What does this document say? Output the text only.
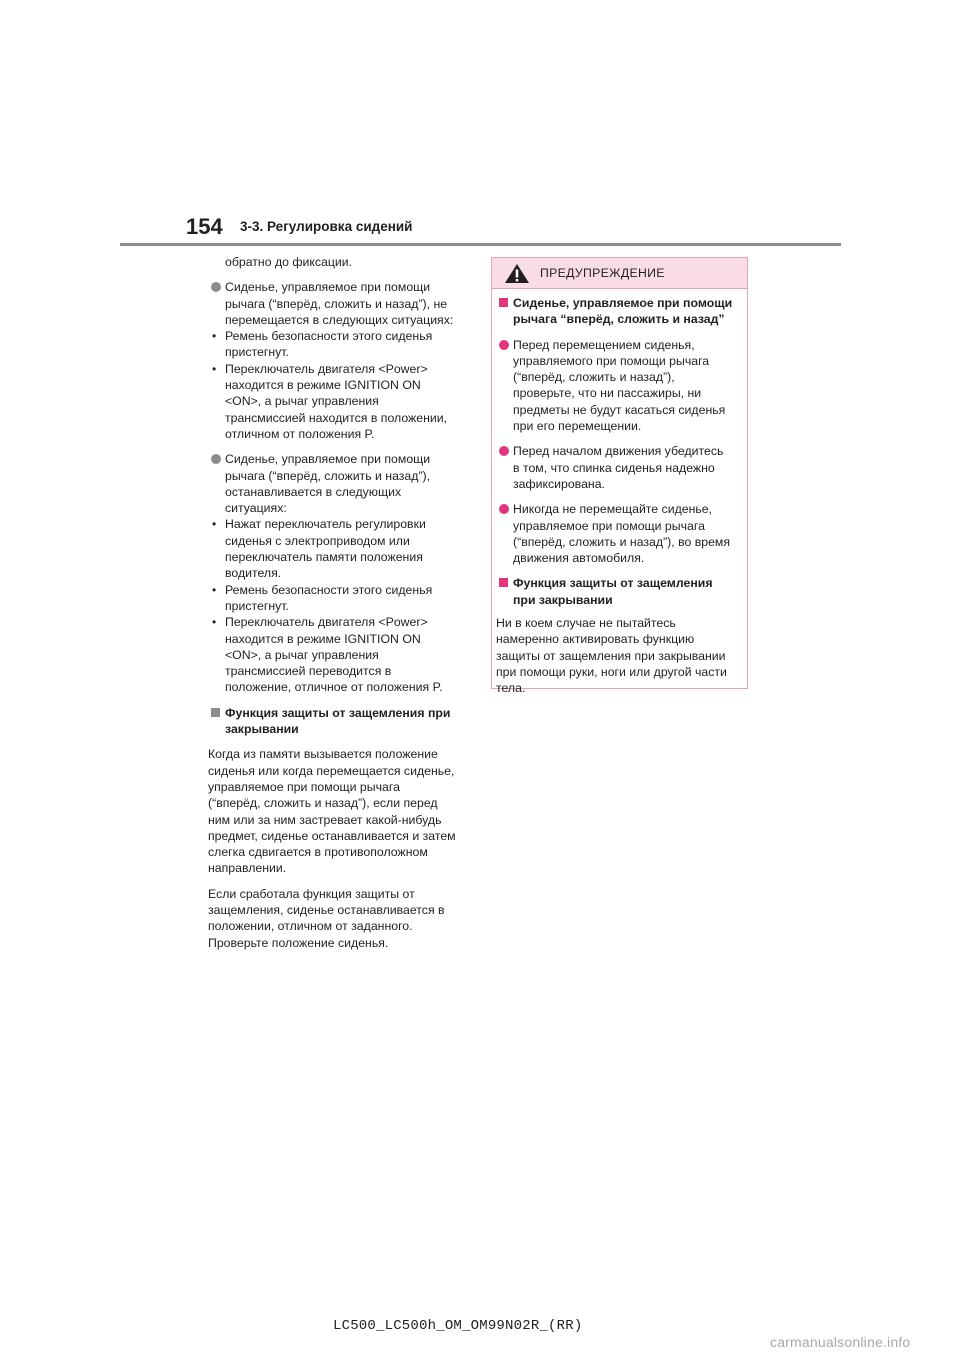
154 3-3. Регулировка сидений

обратно до фиксации.

Сиденье, управляемое при помощи

рычага (“вперёд, сложить и назад”), не

перемещается в следующих ситуациях:

• Ремень безопасности этого сиденья

пристегнут.

• Переключатель двигателя <Power>

находится в режиме IGNITION ON

<ON>, а рычаг управления

трансмиссией находится в положении,

отличном от положения P.

Сиденье, управляемое при помощи

рычага (“вперёд, сложить и назад”),

останавливается в следующих

ситуациях:

• Нажат переключатель регулировки

сиденья с электроприводом или

переключатель памяти положения

водителя.

• Ремень безопасности этого сиденья

пристегнут.

• Переключатель двигателя <Power>

находится в режиме IGNITION ON

<ON>, а рычаг управления

трансмиссией переводится в

положение, отличное от положения P.

Функция защиты от защемления при

закрывании

Когда из памяти вызывается положение

сиденья или когда перемещается сиденье,

управляемое при помощи рычага

(“вперёд, сложить и назад”), если перед

ним или за ним застревает какой-нибудь

предмет, сиденье останавливается и затем

слегка сдвигается в противоположном

направлении.

Если сработала функция защиты от

защемления, сиденье останавливается в

положении, отличном от заданного.

Проверьте положение сиденья.

ПРЕДУПРЕЖДЕНИЕ

Сиденье, управляемое при помощи

рычага “вперёд, сложить и назад”

Перед перемещением сиденья,

управляемого при помощи рычага

(“вперёд, сложить и назад”),

проверьте, что ни пассажиры, ни

предметы не будут касаться сиденья

при его перемещении.

Перед началом движения убедитесь

в том, что спинка сиденья надежно

зафиксирована.

Никогда не перемещайте сиденье,

управляемое при помощи рычага

(“вперёд, сложить и назад”), во время

движения автомобиля.

Функция защиты от защемления

при закрывании

Ни в коем случае не пытайтесь

намеренно активировать функцию

защиты от защемления при закрывании

при помощи руки, ноги или другой части

тела.

LC500_LC500h_OM_OM99N02R_(RR)
carmanualsonline.info
